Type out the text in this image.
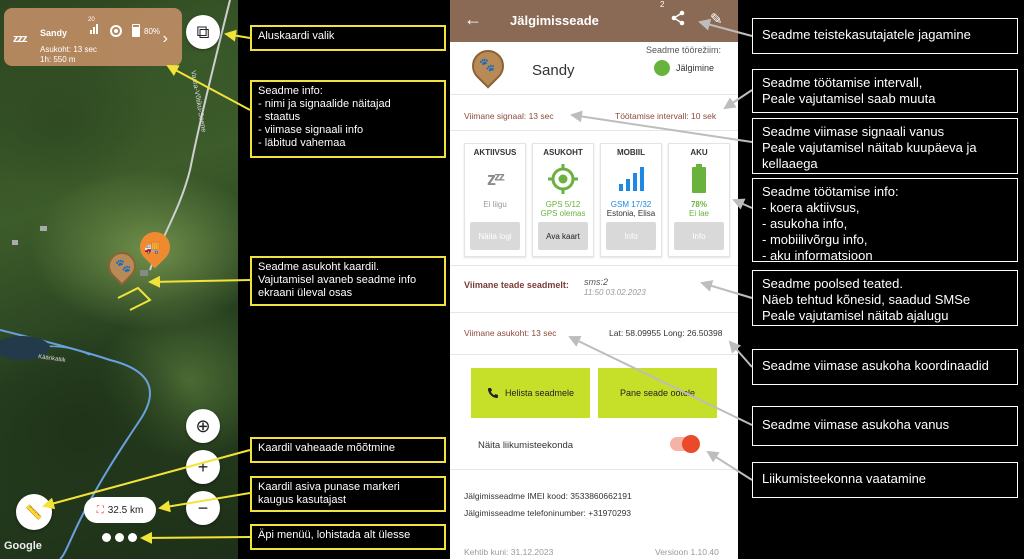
zzz Sandy
20
80%
Asukoht: 13 sec
1h: 550 m
›
Vaara-Võtiku-Seene
Käärikatiik
⧉
🐾
🚚
⊕
+
−
📏	⛶ 32.5 km
Google
Aluskaardi valik
Seadme info:
- nimi ja signaalide näitajad
- staatus
- viimase signaali info
- läbitud vahemaa
Seadme asukoht kaardil.
Vajutamisel avaneb seadme info
ekraani üleval osas
Kaardil vaheaade mõõtmine
Kaardil asiva punase markeri
kaugus kasutajast
Äpi menüü, lohistada alt ülesse
← Jälgimisseade
2
✎
🐾 Sandy
Seadme töörežiim:
Jälgimine
Viimane signaal: 13 sec	Töötamise intervall: 10 sek
AKTIIVSUS
zᶻᶻ
Ei liigu
Näita logi
ASUKOHT
GPS 5/12
GPS olemas
Ava kaart
MOBIIL
GSM 17/32
Estonia, Elisa
Info
AKU
78%
Ei lae
Info
Viimane teade seadmelt: sms:2
11:50 03.02.2023
Viimane asukoht: 13 sec	Lat: 58.09955 Long: 26.50398
Helista seadmele	Pane seade ootele
Näita liikumisteekonda
Jälgimisseadme IMEI kood: 3533860662191
Jälgimisseadme telefoninumber: +31970293
Kehtib kuni: 31.12.2023	Versioon 1.10.40
Seadme teistekasutajatele jagamine
Seadme töötamise intervall,
Peale vajutamisel saab muuta
Seadme viimase signaali vanus
Peale vajutamisel näitab kuupäeva ja
kellaaega
Seadme töötamise info:
- koera aktiivsus,
- asukoha info,
- mobiilivõrgu info,
- aku informatsioon
Seadme poolsed teated.
Näeb tehtud kõnesid, saadud SMSe
Peale vajutamisel näitab ajalugu
Seadme viimase asukoha koordinaadid
Seadme viimase asukoha vanus
Liikumisteekonna vaatamine
